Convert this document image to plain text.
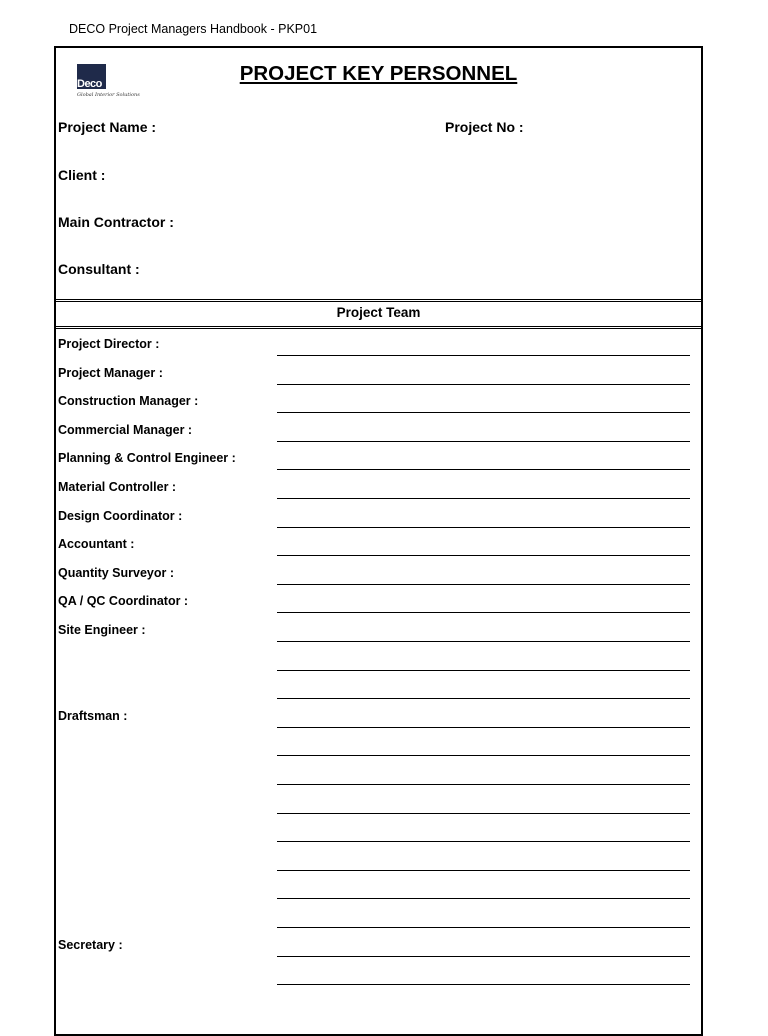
DECO Project Managers Handbook - PKP01
Deco
Global Interior Solutions
PROJECT KEY PERSONNEL
Project Name :	Project No :
Client :
Main Contractor :
Consultant :
Project Team
Project Director :
Project Manager :
Construction Manager :
Commercial Manager :
Planning & Control Engineer :
Material Controller :
Design Coordinator :
Accountant :
Quantity Surveyor :
QA / QC Coordinator :
Site Engineer :
Draftsman :
Secretary :
